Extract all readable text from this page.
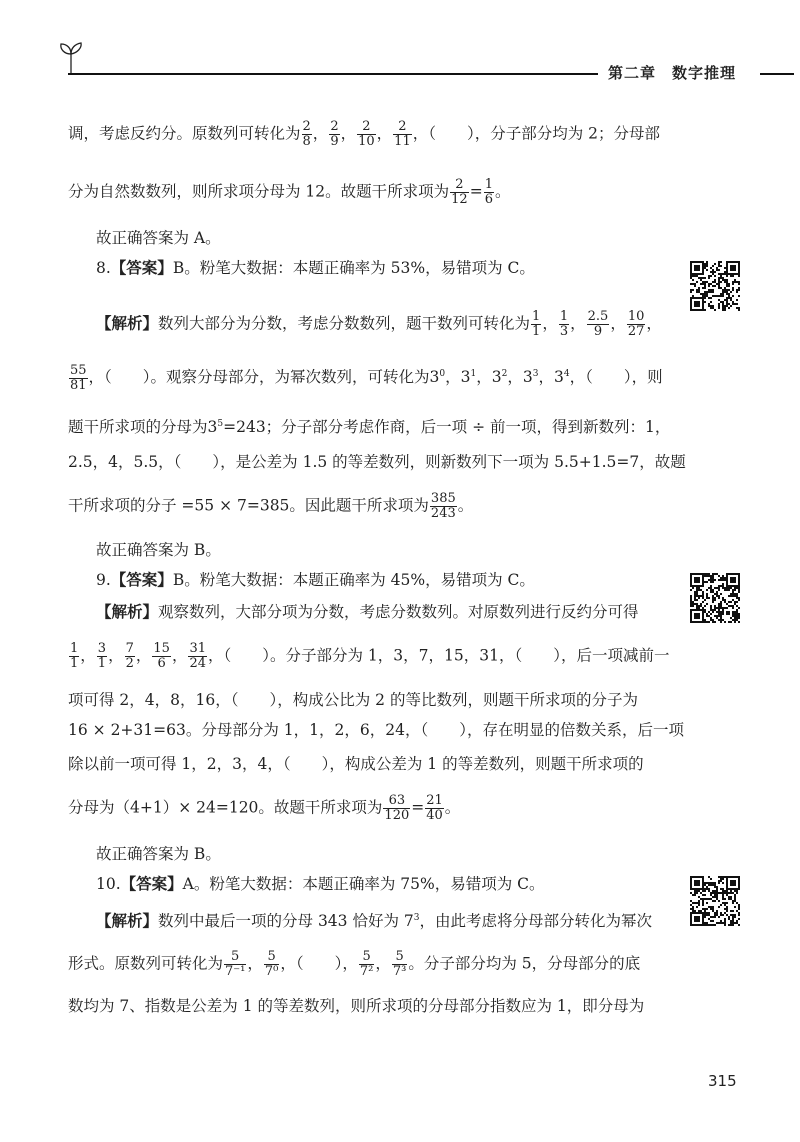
第二章　数字推理
调，考虑反约分。原数列可转化为 $\frac{2}{8}$ ， $\frac{2}{9}$ ， $\frac{2}{10}$ ， $\frac{2}{11}$ ，（　　），分子部分均为 2；分母部
分为自然数数列，则所求项分母为 12。故题干所求项为 $\frac{2}{12} = \frac{1}{6}$ 。
故正确答案为 A。
8.【答案】B。粉笔大数据：本题正确率为 53%，易错项为 C。
【解析】数列大部分为分数，考虑分数数列，题干数列可转化为 $\frac{1}{1}$ ， $\frac{1}{3}$ ， $\frac{2.5}{9}$ ， $\frac{10}{27}$ ，
$\frac{55}{81}$ ，（　　）。观察分母部分，为幂次数列，可转化为$3^0$，$3^1$，$3^2$，$3^3$，$3^4$，（　　），则
题干所求项的分母为$3^5=243$；分子部分考虑作商，后一项 ÷ 前一项，得到新数列：1，
2.5，4，5.5，（　　），是公差为 1.5 的等差数列，则新数列下一项为 5.5+1.5=7，故题
干所求项的分子 =55 × 7=385。因此题干所求项为 $\frac{385}{243}$ 。
故正确答案为 B。
9.【答案】B。粉笔大数据：本题正确率为 45%，易错项为 C。
【解析】观察数列，大部分项为分数，考虑分数数列。对原数列进行反约分可得
$\frac{1}{1}$ ， $\frac{3}{1}$ ， $\frac{7}{2}$ ， $\frac{15}{6}$ ， $\frac{31}{24}$ ，（　　）。分子部分为 1，3，7，15，31，（　　），后一项减前一
项可得 2，4，8，16，（　　），构成公比为 2 的等比数列，则题干所求项的分子为
16 × 2+31=63。分母部分为 1，1，2，6，24，（　　），存在明显的倍数关系，后一项
除以前一项可得 1，2，3，4，（　　），构成公差为 1 的等差数列，则题干所求项的
分母为（4+1）× 24=120。故题干所求项为 $\frac{63}{120} = \frac{21}{40}$ 。
故正确答案为 B。
10.【答案】A。粉笔大数据：本题正确率为 75%，易错项为 C。
【解析】数列中最后一项的分母 343 恰好为 $7^3$，由此考虑将分母部分转化为幂次
形式。原数列可转化为 $\frac{5}{\text{7⁻¹}}$ ， $\frac{5}{\text{7⁰}}$ ，（　　）， $\frac{5}{\text{7²}}$ ， $\frac{5}{\text{7³}}$ 。分子部分均为 5，分母部分的底
数均为 7、指数是公差为 1 的等差数列，则所求项的分母部分指数应为 1，即分母为
315
